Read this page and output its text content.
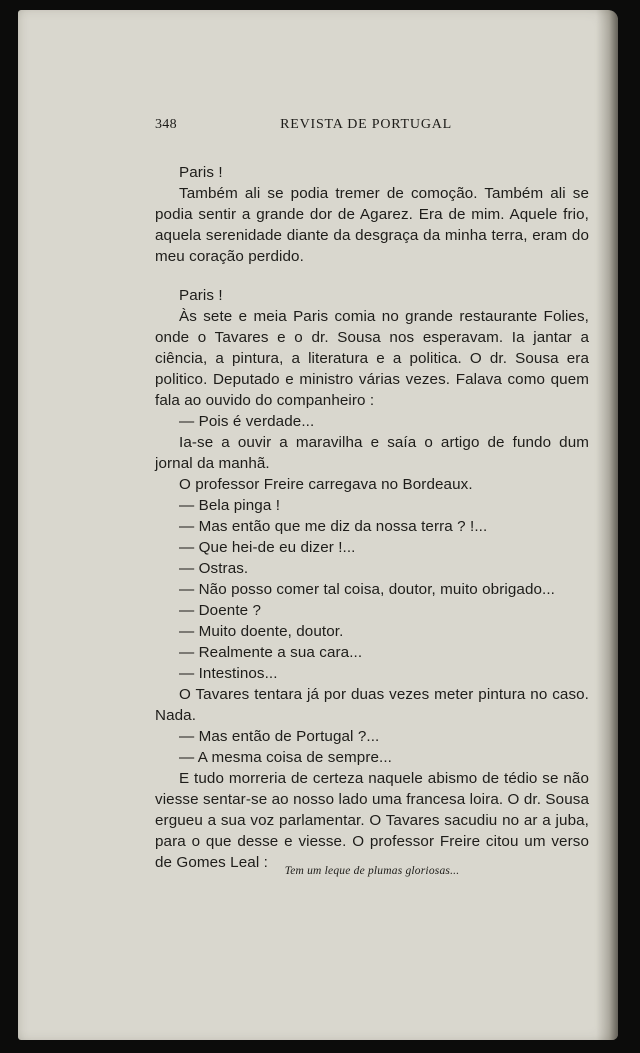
348	REVISTA DE PORTUGAL

Paris !

Também ali se podia tremer de comoção. Também ali se podia sentir a grande dor de Agarez. Era de mim. Aquele frio, aquela serenidade diante da desgraça da minha terra, eram do meu coração perdido.

Paris !

Às sete e meia Paris comia no grande restaurante Folies, onde o Tavares e o dr. Sousa nos esperavam. Ia jantar a ciência, a pintura, a literatura e a politica. O dr. Sousa era politico. Deputado e ministro várias vezes. Falava como quem fala ao ouvido do companheiro :

— Pois é verdade...

Ia-se a ouvir a maravilha e saía o artigo de fundo dum jornal da manhã.

O professor Freire carregava no Bordeaux.

— Bela pinga !

— Mas então que me diz da nossa terra ? !...

— Que hei-de eu dizer !...

— Ostras.

— Não posso comer tal coisa, doutor, muito obrigado...

— Doente ?

— Muito doente, doutor.

— Realmente a sua cara...

— Intestinos...

O Tavares tentara já por duas vezes meter pintura no caso. Nada.

— Mas então de Portugal ?...

— A mesma coisa de sempre...

E tudo morreria de certeza naquele abismo de tédio se não viesse sentar-se ao nosso lado uma francesa loira. O dr. Sousa ergueu a sua voz parlamentar. O Tavares sacudiu no ar a juba, para o que desse e viesse. O professor Freire citou um verso de Gomes Leal :	Tem um leque de plumas gloriosas...
